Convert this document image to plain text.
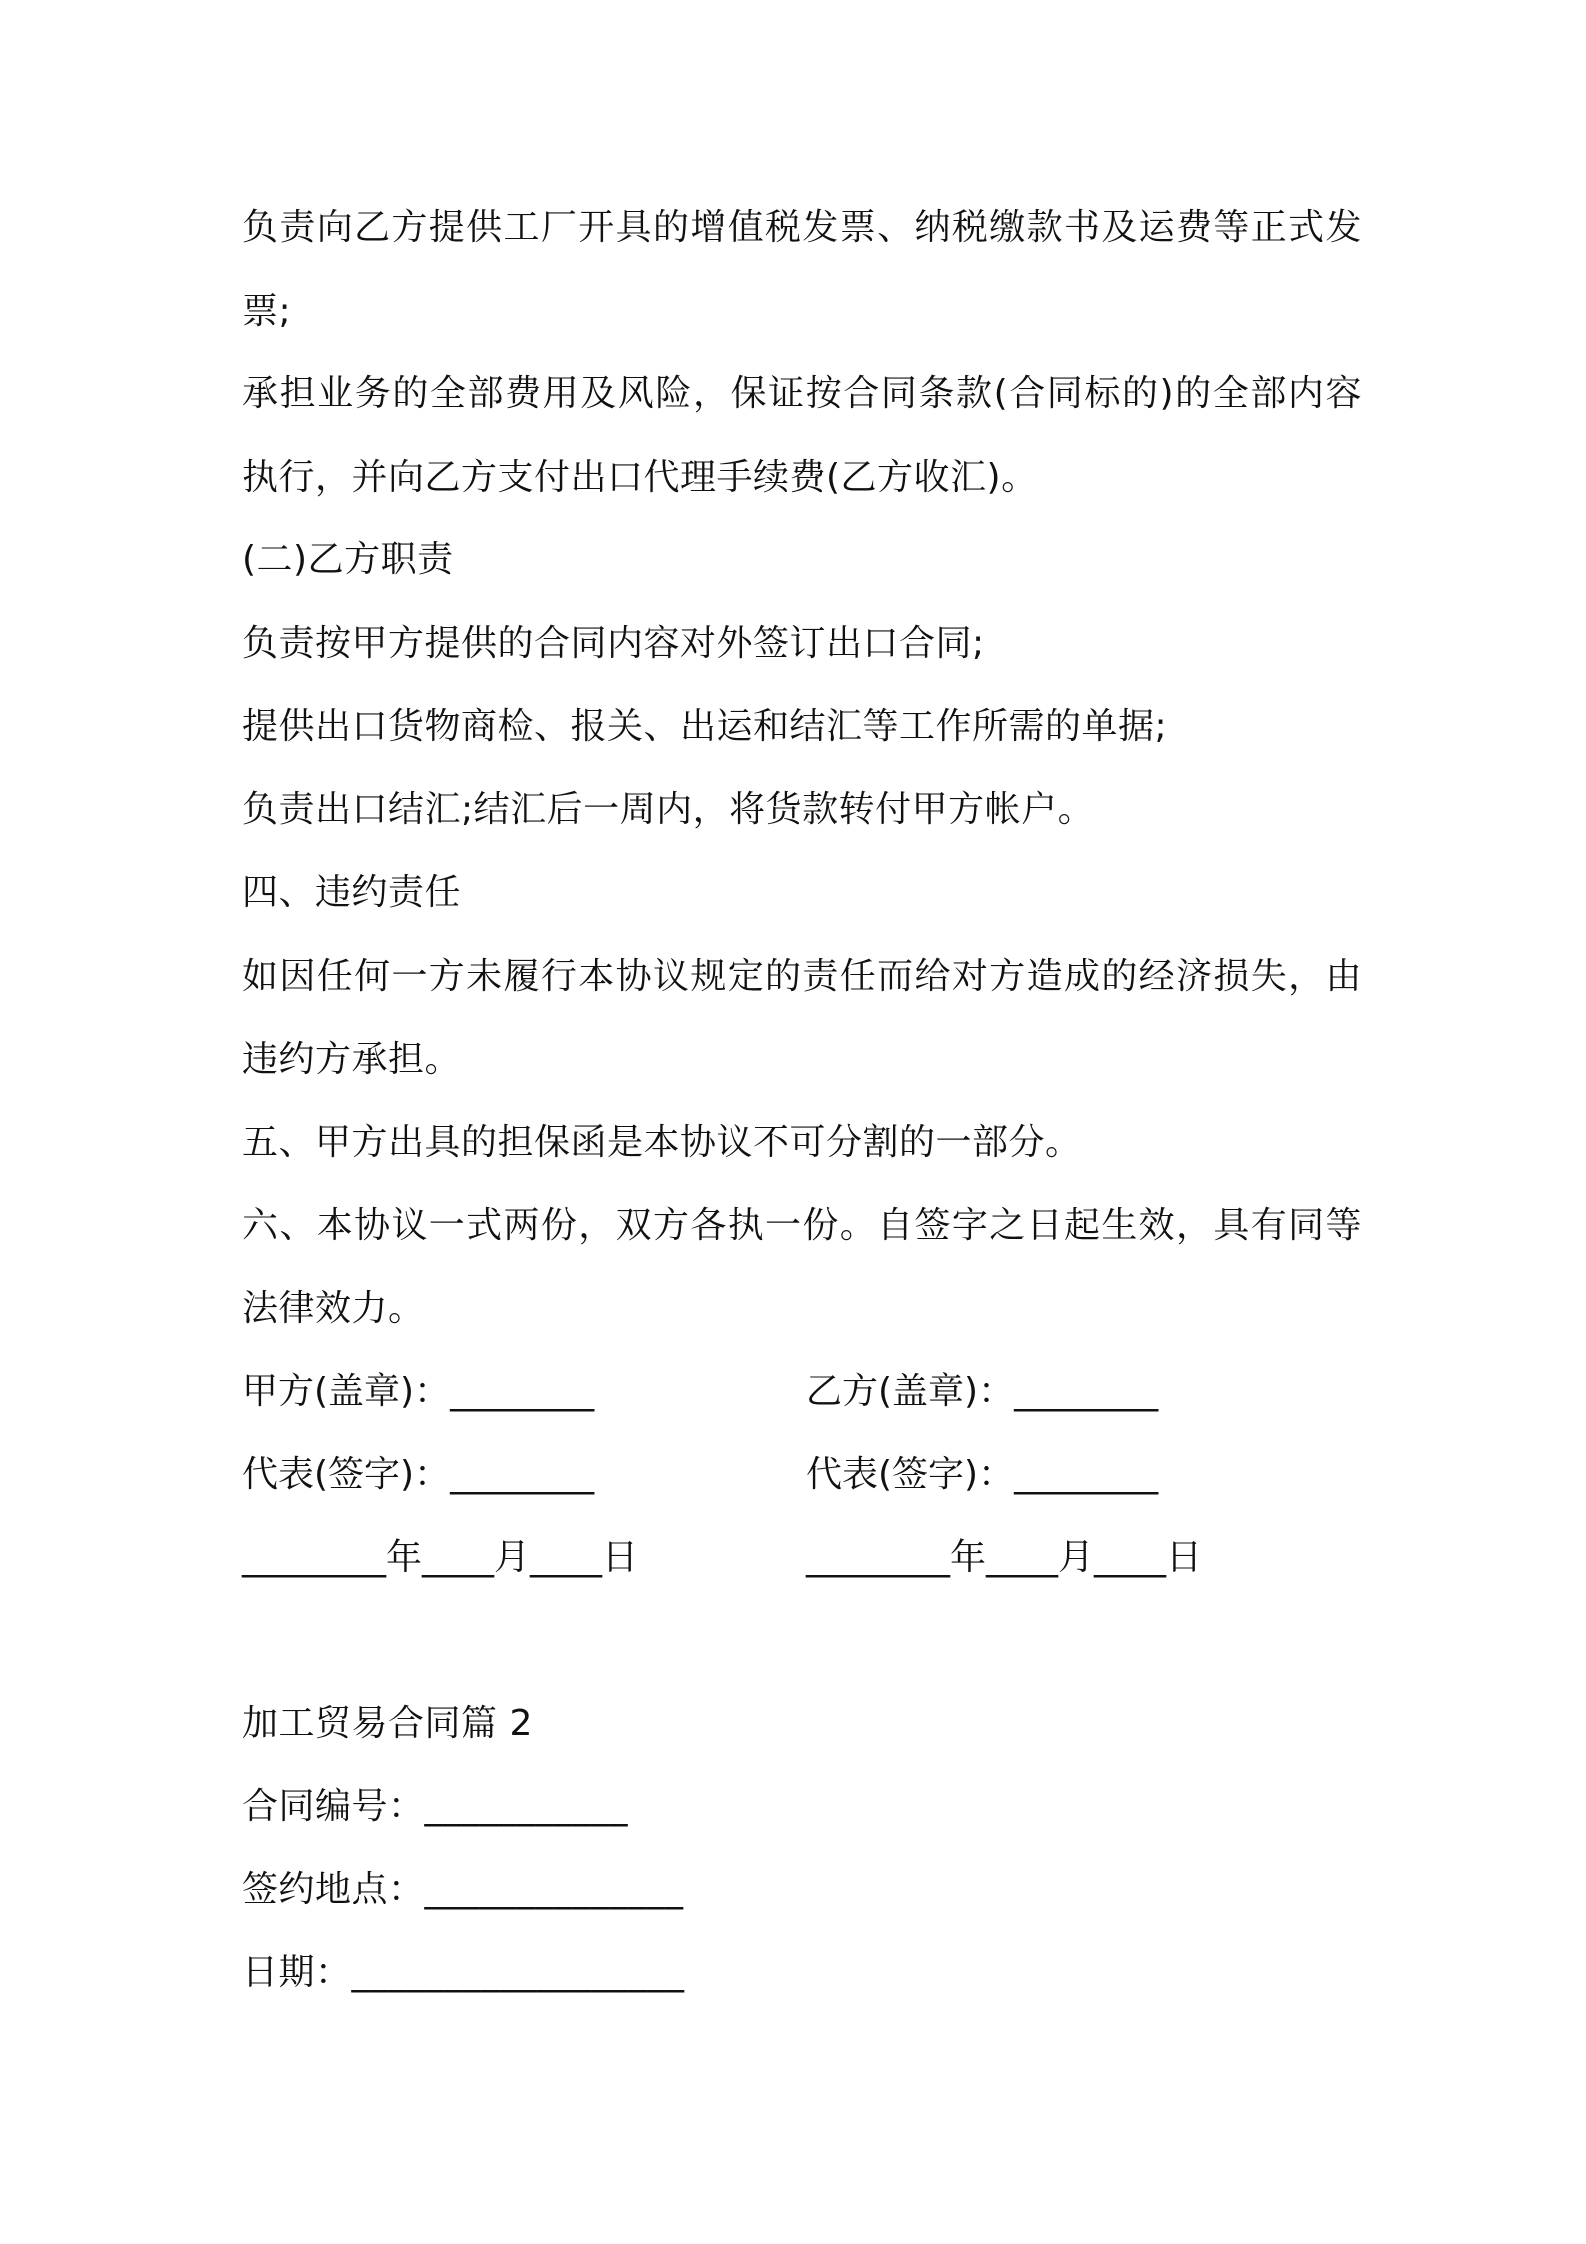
负责向乙方提供工厂开具的增值税发票、纳税缴款书及运费等正式发
票;
承担业务的全部费用及风险，保证按合同条款(合同标的)的全部内容
执行，并向乙方支付出口代理手续费(乙方收汇)。
(二)乙方职责
负责按甲方提供的合同内容对外签订出口合同;
提供出口货物商检、报关、出运和结汇等工作所需的单据;
负责出口结汇;结汇后一周内，将货款转付甲方帐户。
四、违约责任
如因任何一方未履行本协议规定的责任而给对方造成的经济损失，由
违约方承担。
五、甲方出具的担保函是本协议不可分割的一部分。
六、本协议一式两份，双方各执一份。自签字之日起生效，具有同等
法律效力。
甲方(盖章)：________	乙方(盖章)：________
代表(签字)：________	代表(签字)：________
________年____月____日	________年____月____日
加工贸易合同篇 2
合同编号：___________
签约地点：______________
日期：__________________
